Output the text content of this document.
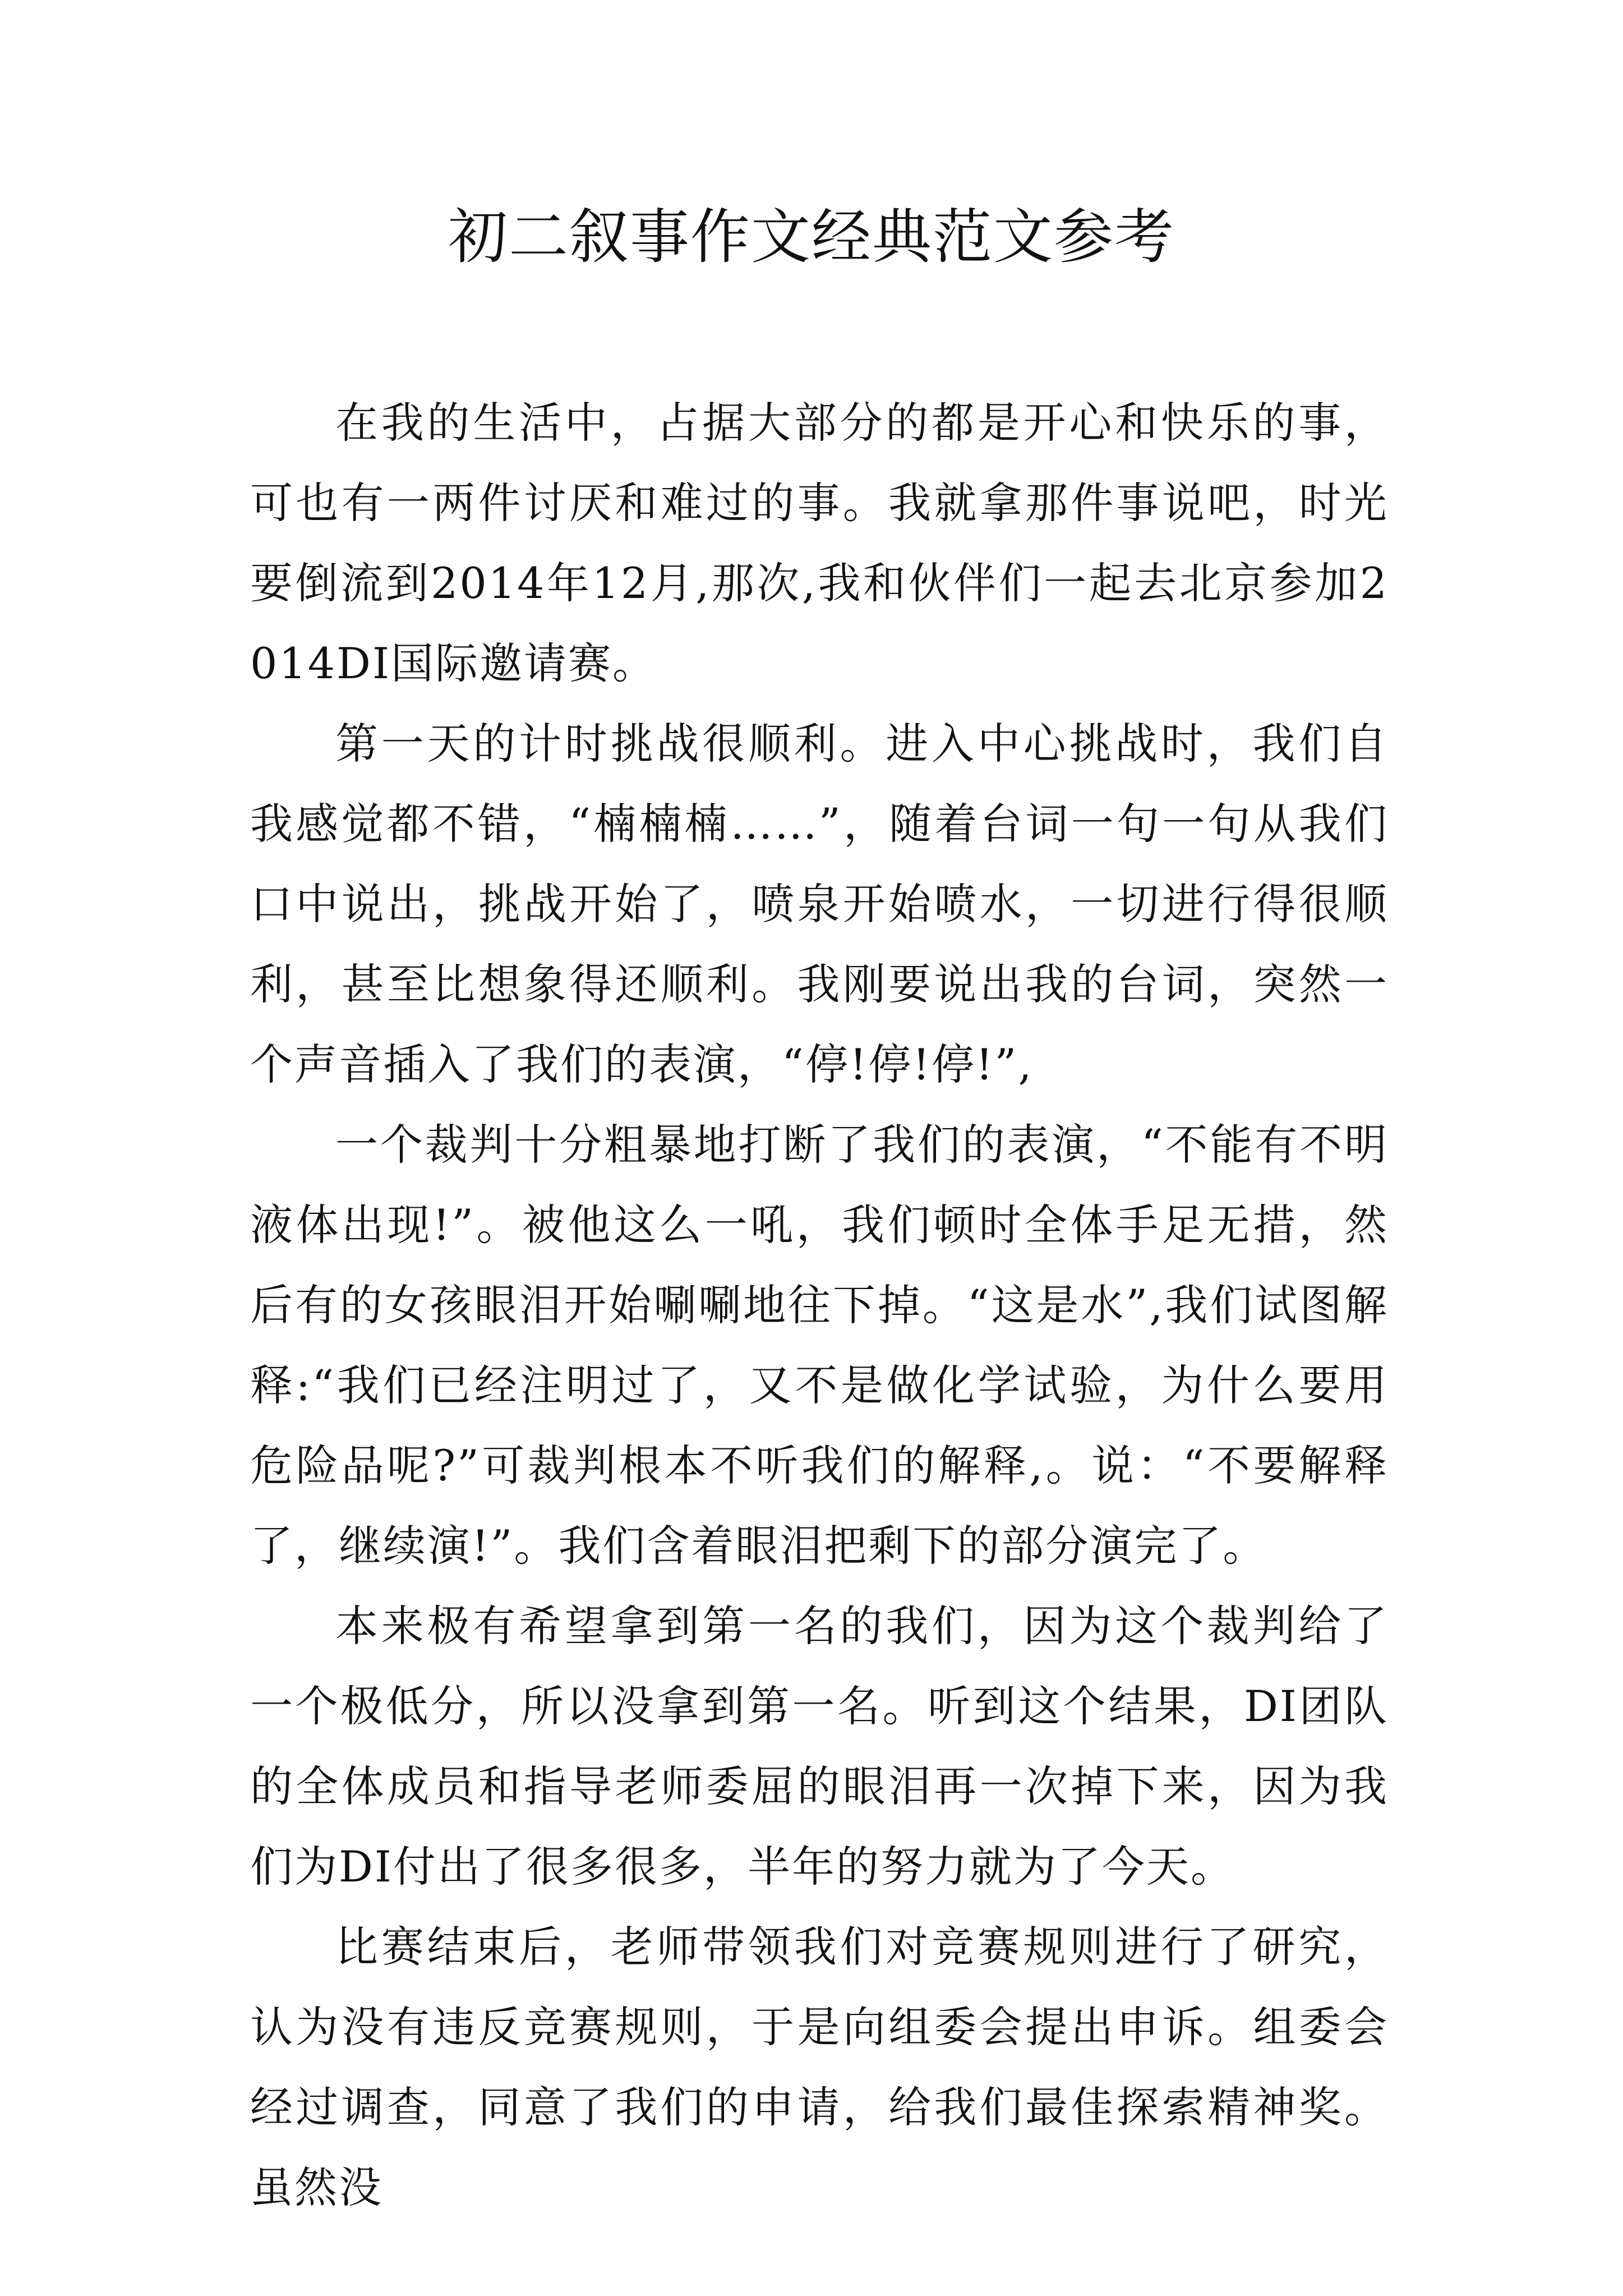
初二叙事作文经典范文参考

在我的生活中，占据大部分的都是开心和快乐的事，可也有一两件讨厌和难过的事。我就拿那件事说吧，时光要倒流到2014年12月,那次,我和伙伴们一起去北京参加2014DI国际邀请赛。

第一天的计时挑战很顺利。进入中心挑战时，我们自我感觉都不错，“楠楠楠……”，随着台词一句一句从我们口中说出，挑战开始了，喷泉开始喷水，一切进行得很顺利，甚至比想象得还顺利。我刚要说出我的台词，突然一个声音插入了我们的表演，“停!停!停!”,

一个裁判十分粗暴地打断了我们的表演，“不能有不明液体出现!”。被他这么一吼，我们顿时全体手足无措，然后有的女孩眼泪开始唰唰地往下掉。“这是水”,我们试图解释:“我们已经注明过了，又不是做化学试验，为什么要用危险品呢?”可裁判根本不听我们的解释,。说：“不要解释了，继续演!”。我们含着眼泪把剩下的部分演完了。

本来极有希望拿到第一名的我们，因为这个裁判给了一个极低分，所以没拿到第一名。听到这个结果，DI团队的全体成员和指导老师委屈的眼泪再一次掉下来，因为我们为DI付出了很多很多，半年的努力就为了今天。

比赛结束后，老师带领我们对竞赛规则进行了研究，认为没有违反竞赛规则，于是向组委会提出申诉。组委会经过调查，同意了我们的申请，给我们最佳探索精神奖。虽然没
